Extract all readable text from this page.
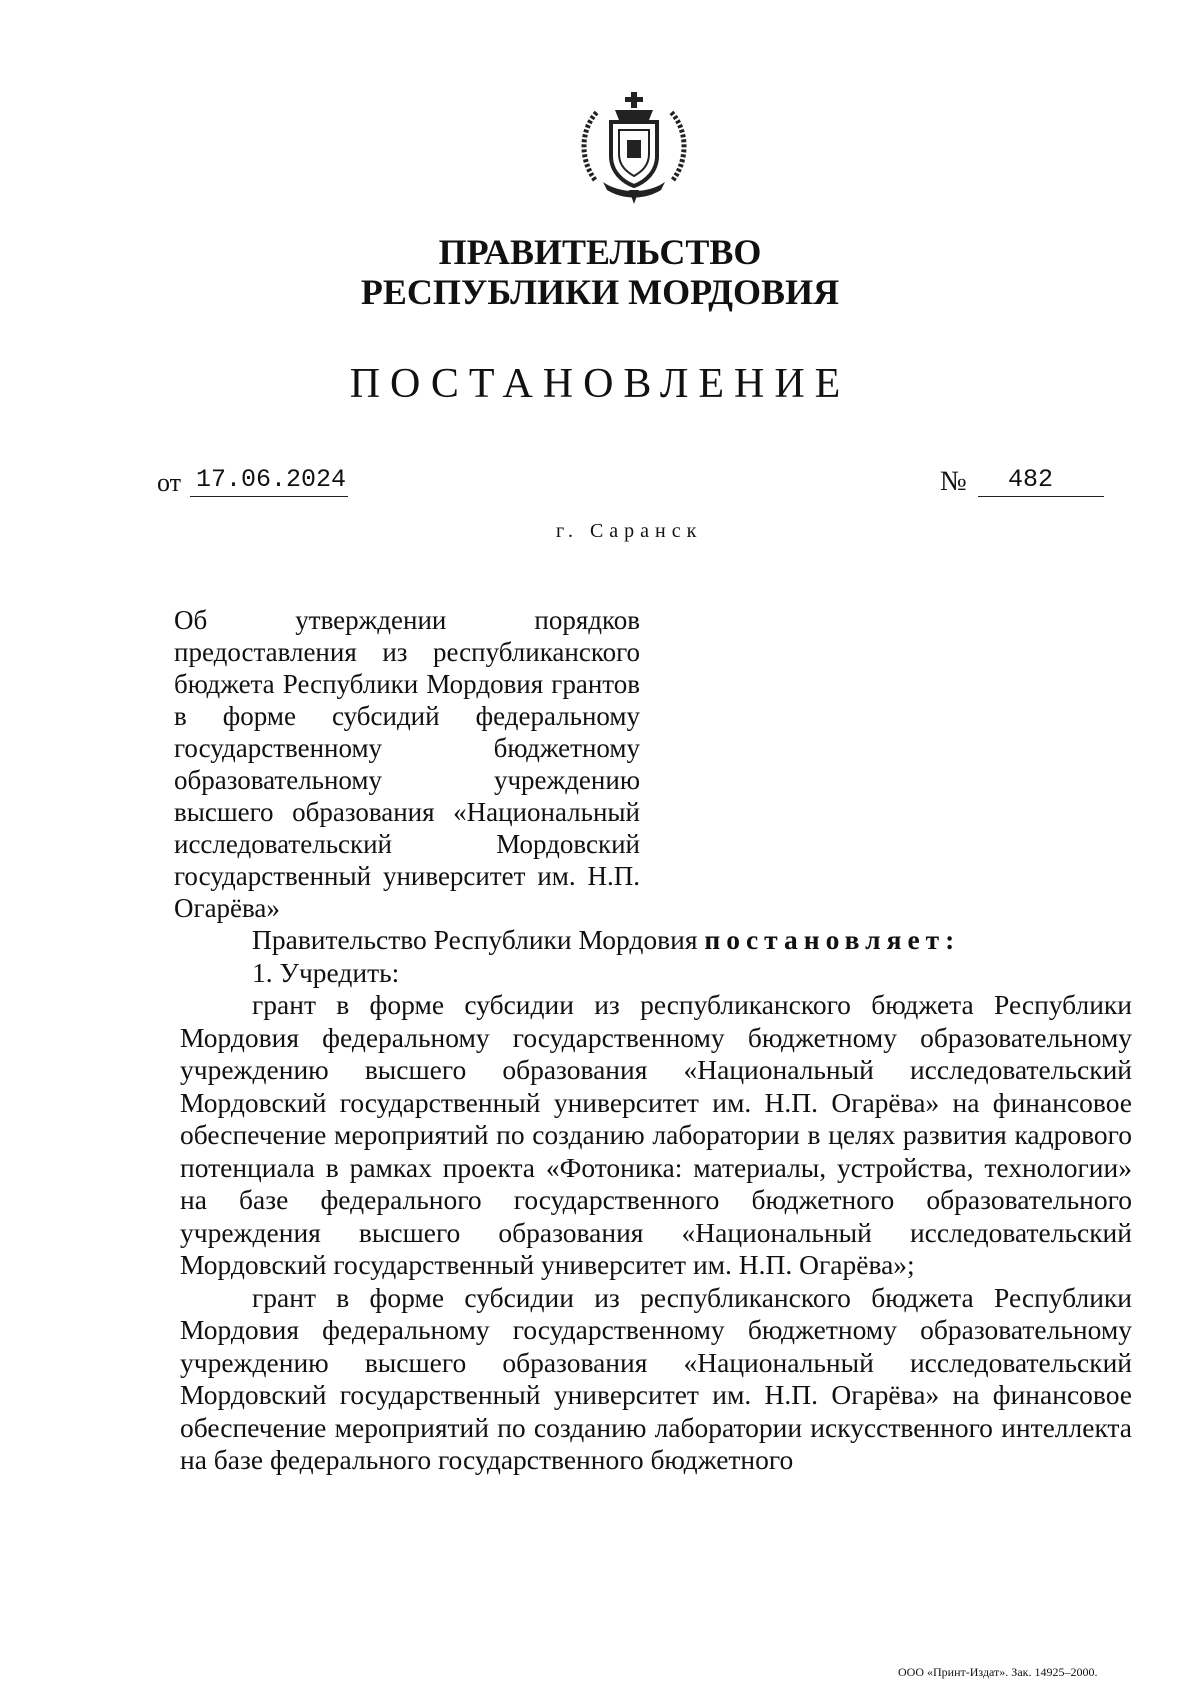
ПРАВИТЕЛЬСТВО
РЕСПУБЛИКИ МОРДОВИЯ
ПОСТАНОВЛЕНИЕ
от 17.06.2024	№	482
г. Саранск
Об утверждении порядков предоставления из республиканского бюджета Республики Мордовия грантов в форме субсидий федеральному государственному бюджетному образовательному учреждению высшего образования «Национальный исследовательский Мордовский государственный университет им. Н.П. Огарёва»

Правительство Республики Мордовия постановляет:

1. Учредить:

грант в форме субсидии из республиканского бюджета Республики Мордовия федеральному государственному бюджетному образовательному учреждению высшего образования «Национальный исследовательский Мордовский государственный университет им. Н.П. Огарёва» на финансовое обеспечение мероприятий по созданию лаборатории в целях развития кадрового потенциала в рамках проекта «Фотоника: материалы, устройства, технологии» на базе федерального государственного бюджетного образовательного учреждения высшего образования «Национальный исследовательский Мордовский государственный университет им. Н.П. Огарёва»;

грант в форме субсидии из республиканского бюджета Республики Мордовия федеральному государственному бюджетному образовательному учреждению высшего образования «Национальный исследовательский Мордовский государственный университет им. Н.П. Огарёва» на финансовое обеспечение мероприятий по созданию лаборатории искусственного интеллекта на базе федерального государственного бюджетного

ООО «Принт-Издат». Зак. 14925–2000.
